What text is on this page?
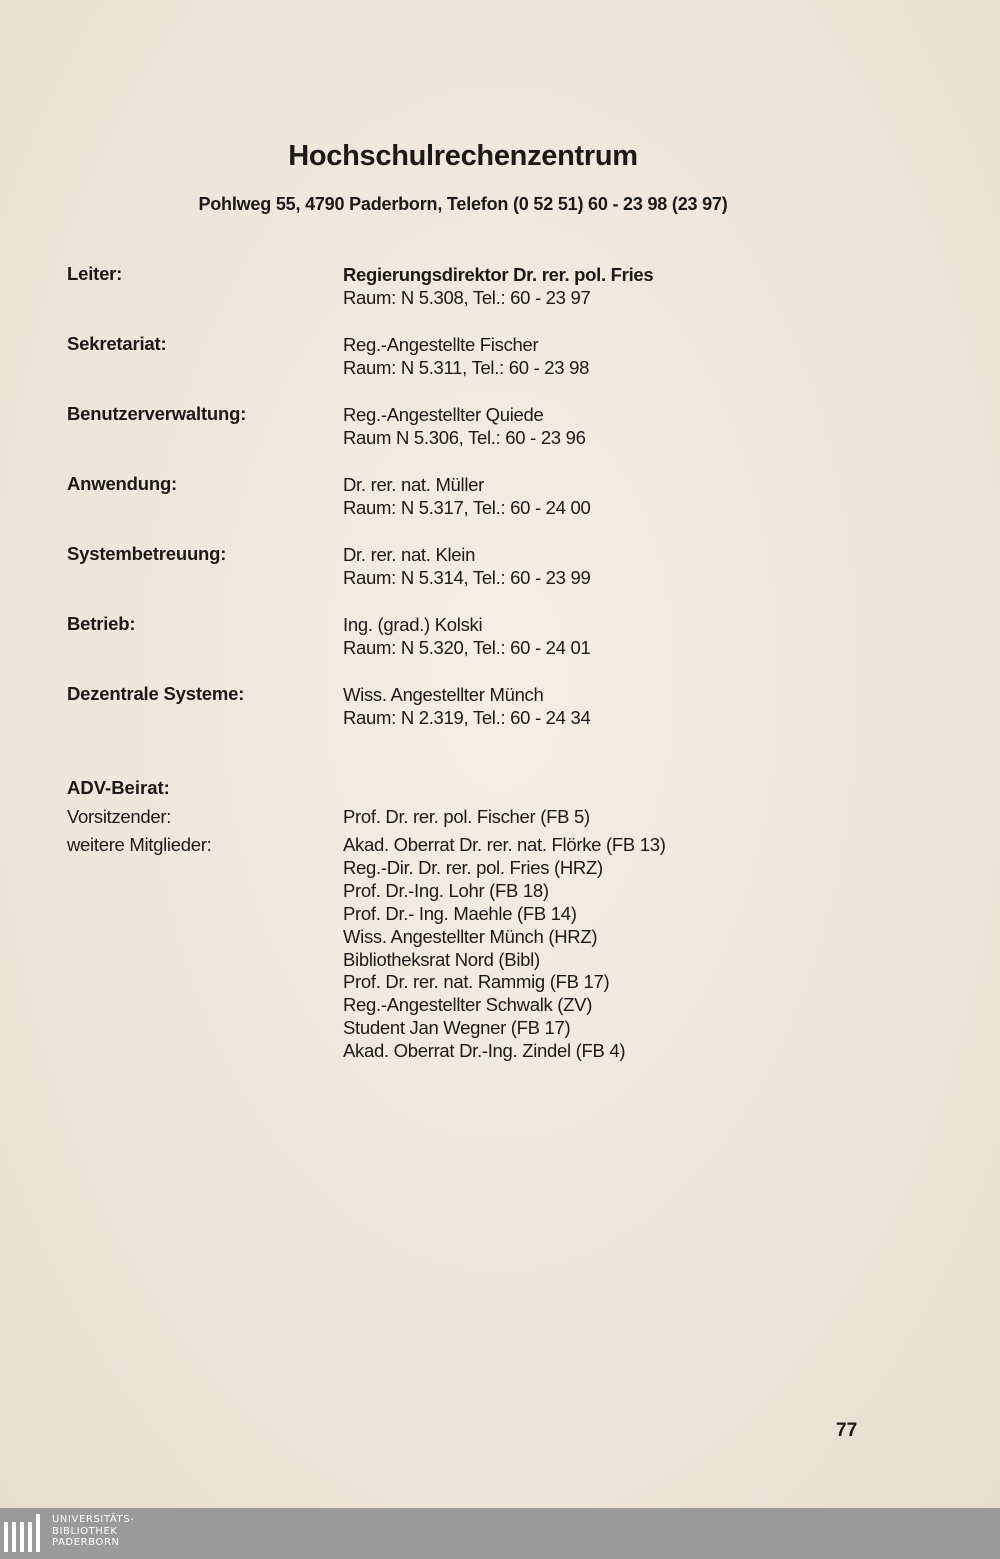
Hochschulrechenzentrum
Pohlweg 55, 4790 Paderborn, Telefon (0 52 51) 60 - 23 98 (23 97)
Leiter:	Regierungsdirektor Dr. rer. pol. Fries
Raum: N 5.308, Tel.: 60 - 23 97
Sekretariat:	Reg.-Angestellte Fischer
Raum: N 5.311, Tel.: 60 - 23 98
Benutzerverwaltung:	Reg.-Angestellter Quiede
Raum N 5.306, Tel.: 60 - 23 96
Anwendung:	Dr. rer. nat. Müller
Raum: N 5.317, Tel.: 60 - 24 00
Systembetreuung:	Dr. rer. nat. Klein
Raum: N 5.314, Tel.: 60 - 23 99
Betrieb:	Ing. (grad.) Kolski
Raum: N 5.320, Tel.: 60 - 24 01
Dezentrale Systeme:	Wiss. Angestellter Münch
Raum: N 2.319, Tel.: 60 - 24 34
ADV-Beirat:
Vorsitzender:	Prof. Dr. rer. pol. Fischer (FB 5)
weitere Mitglieder:	Akad. Oberrat Dr. rer. nat. Flörke (FB 13)
Reg.-Dir. Dr. rer. pol. Fries (HRZ)
Prof. Dr.-Ing. Lohr (FB 18)
Prof. Dr.- Ing. Maehle (FB 14)
Wiss. Angestellter Münch (HRZ)
Bibliotheksrat Nord (Bibl)
Prof. Dr. rer. nat. Rammig (FB 17)
Reg.-Angestellter Schwalk (ZV)
Student Jan Wegner (FB 17)
Akad. Oberrat Dr.-Ing. Zindel (FB 4)
77
UNIVERSITÄTS-
BIBLIOTHEK
PADERBORN
